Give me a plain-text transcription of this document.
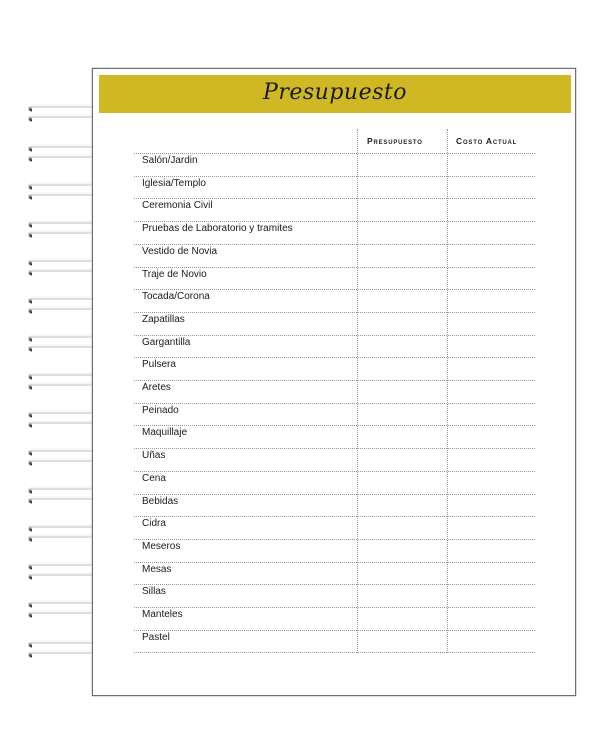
Presupuesto
Presupuesto	Costo Actual
Salón/Jardin
Iglesia/Templo
Ceremonia Civil
Pruebas de Laboratorio y tramites
Vestido de Novia
Traje de Novio
Tocada/Corona
Zapatillas
Gargantilla
Pulsera
Aretes
Peinado
Maquillaje
Uñas
Cena
Bebidas
Cidra
Meseros
Mesas
Sillas
Manteles
Pastel
